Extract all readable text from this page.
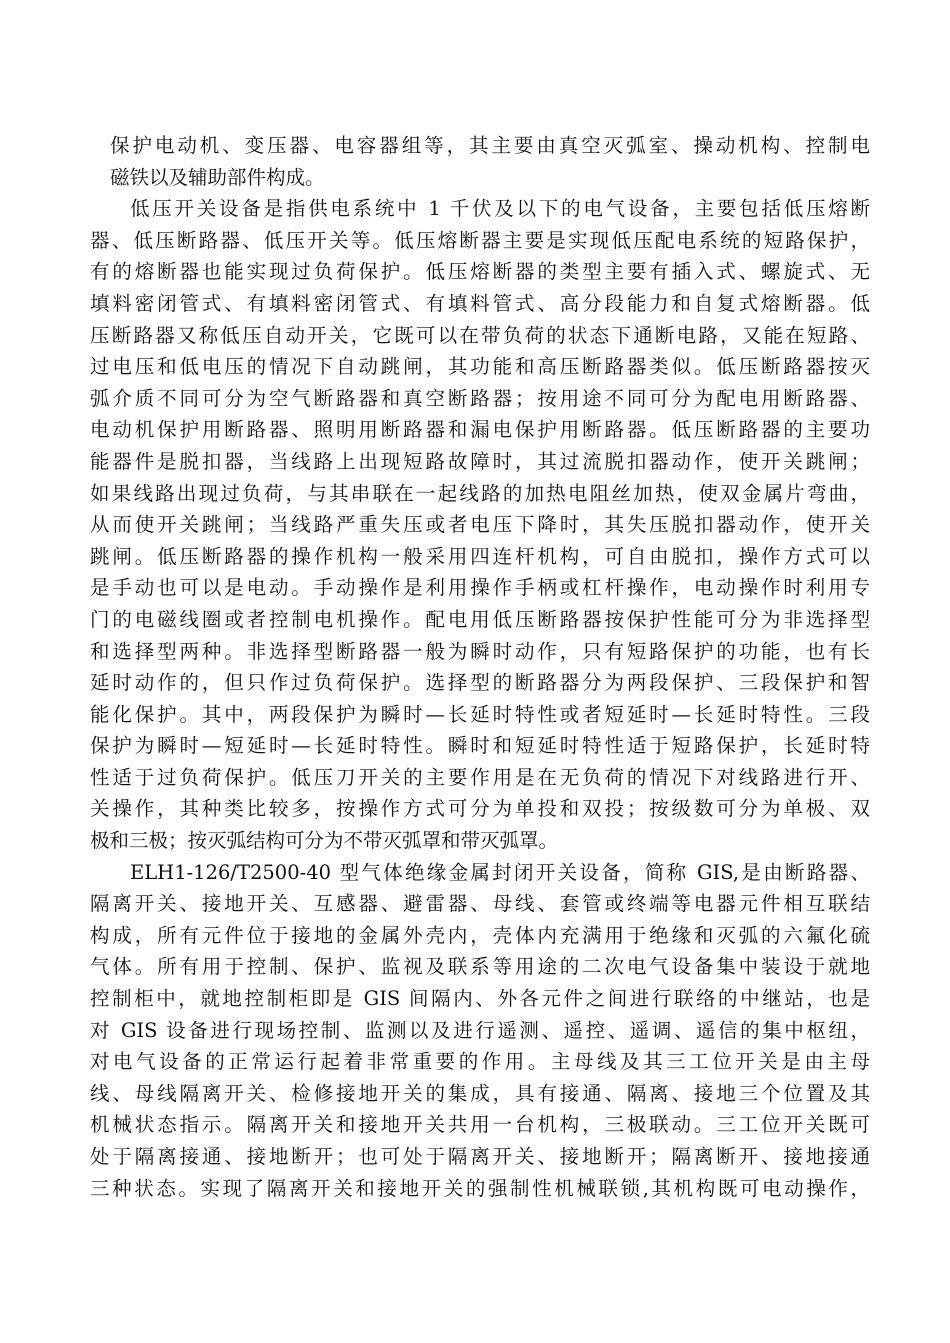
保护电动机、变压器、电容器组等，其主要由真空灭弧室、操动机构、控制电
磁铁以及辅助部件构成。
低压开关设备是指供电系统中 1 千伏及以下的电气设备，主要包括低压熔断
器、低压断路器、低压开关等。低压熔断器主要是实现低压配电系统的短路保护，
有的熔断器也能实现过负荷保护。低压熔断器的类型主要有插入式、螺旋式、无
填料密闭管式、有填料密闭管式、有填料管式、高分段能力和自复式熔断器。低
压断路器又称低压自动开关，它既可以在带负荷的状态下通断电路，又能在短路、
过电压和低电压的情况下自动跳闸，其功能和高压断路器类似。低压断路器按灭
弧介质不同可分为空气断路器和真空断路器；按用途不同可分为配电用断路器、
电动机保护用断路器、照明用断路器和漏电保护用断路器。低压断路器的主要功
能器件是脱扣器，当线路上出现短路故障时，其过流脱扣器动作，使开关跳闸；
如果线路出现过负荷，与其串联在一起线路的加热电阻丝加热，使双金属片弯曲，
从而使开关跳闸；当线路严重失压或者电压下降时，其失压脱扣器动作，使开关
跳闸。低压断路器的操作机构一般采用四连杆机构，可自由脱扣，操作方式可以
是手动也可以是电动。手动操作是利用操作手柄或杠杆操作，电动操作时利用专
门的电磁线圈或者控制电机操作。配电用低压断路器按保护性能可分为非选择型
和选择型两种。非选择型断路器一般为瞬时动作，只有短路保护的功能，也有长
延时动作的，但只作过负荷保护。选择型的断路器分为两段保护、三段保护和智
能化保护。其中，两段保护为瞬时—长延时特性或者短延时—长延时特性。三段
保护为瞬时—短延时—长延时特性。瞬时和短延时特性适于短路保护，长延时特
性适于过负荷保护。低压刀开关的主要作用是在无负荷的情况下对线路进行开、
关操作，其种类比较多，按操作方式可分为单投和双投；按级数可分为单极、双
极和三极；按灭弧结构可分为不带灭弧罩和带灭弧罩。
ELH1-126/T2500-40 型气体绝缘金属封闭开关设备，简称 GIS,是由断路器、
隔离开关、接地开关、互感器、避雷器、母线、套管或终端等电器元件相互联结
构成，所有元件位于接地的金属外壳内，壳体内充满用于绝缘和灭弧的六氟化硫
气体。所有用于控制、保护、监视及联系等用途的二次电气设备集中装设于就地
控制柜中，就地控制柜即是 GIS 间隔内、外各元件之间进行联络的中继站，也是
对 GIS 设备进行现场控制、监测以及进行遥测、遥控、遥调、遥信的集中枢纽，
对电气设备的正常运行起着非常重要的作用。主母线及其三工位开关是由主母
线、母线隔离开关、检修接地开关的集成，具有接通、隔离、接地三个位置及其
机械状态指示。隔离开关和接地开关共用一台机构，三极联动。三工位开关既可
处于隔离接通、接地断开；也可处于隔离开关、接地断开；隔离断开、接地接通
三种状态。实现了隔离开关和接地开关的强制性机械联锁,其机构既可电动操作，
